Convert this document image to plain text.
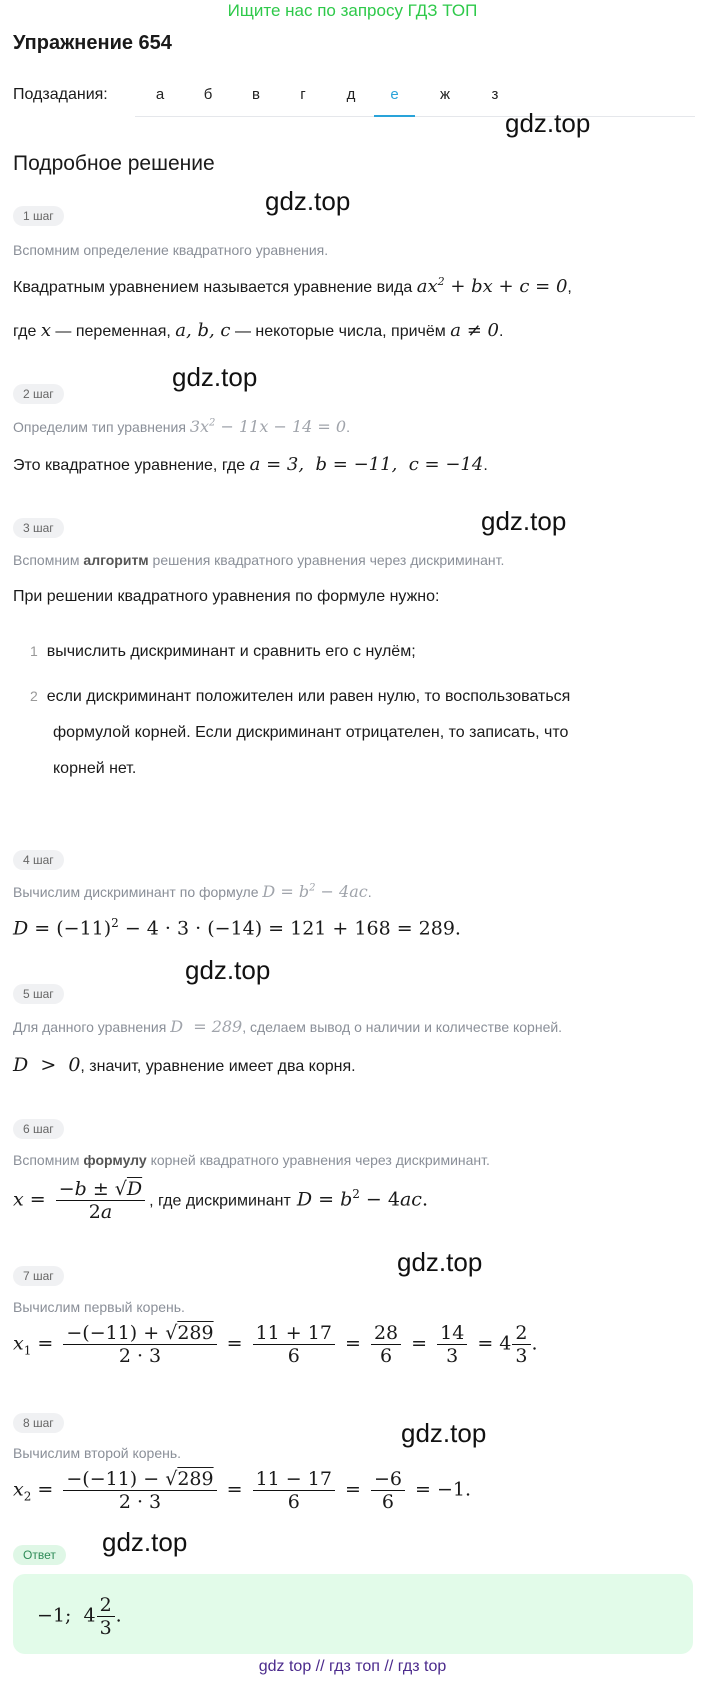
Ищите нас по запросу ГДЗ ТОП
Упражнение 654
Подзадания:	а	б	в	г	д	е	ж	з
gdz.top
Подробное решение
1 шаг	gdz.top
Вспомним определение квадратного уравнения.
Квадратным уравнением называется уравнение вида $ax^2$ + bx + c = 0,
где x — переменная, a, b, c — некоторые числа, причём a ≠ 0.
2 шаг
gdz.top
Определим тип уравнения $3x^2 - 11x - 14 = 0$.
Это квадратное уравнение, где a = 3,  b = −11,  c = −14.
3 шаг	gdz.top
Вспомним алгоритм решения квадратного уравнения через дискриминант.
При решении квадратного уравнения по формуле нужно:
1 вычислить дискриминант и сравнить его с нулём;
2 если дискриминант положителен или равен нулю, то воспользоваться
формулой корней. Если дискриминант отрицателен, то записать, что
корней нет.
4 шаг
Вычислим дискриминант по формуле $D = b^2 - 4ac$.
$D = (-11)^2 - 4 \cdot 3 \cdot (-14) = 121 + 168 = 289$.
gdz.top
5 шаг
Для данного уравнения D  = 289, сделаем вывод о наличии и количестве корней.
D  >  0, значит, уравнение имеет два корня.
6 шаг
Вспомним формулу корней квадратного уравнения через дискриминант.
$x = \frac{-b \pm √D}{2a}$ , где дискриминант $D = b^2 - 4ac$.
gdz.top
7 шаг
Вычислим первый корень.
$x_1 = \frac{-(-11) + √289}{2 \cdot 3} = \frac{11 + 17}{6} = \frac{28}{6} = \frac{14}{3} = 4 \frac{2}{3}$ .
8 шаг	gdz.top
Вычислим второй корень.
$x_2 = \frac{-(-11) - √289}{2 \cdot 3} = \frac{11 - 17}{6} = \frac{-6}{6} = -1$.
Ответ	gdz.top
−1;  $4 \frac{2}{3}$ .
gdz top // гдз топ // гдз top
